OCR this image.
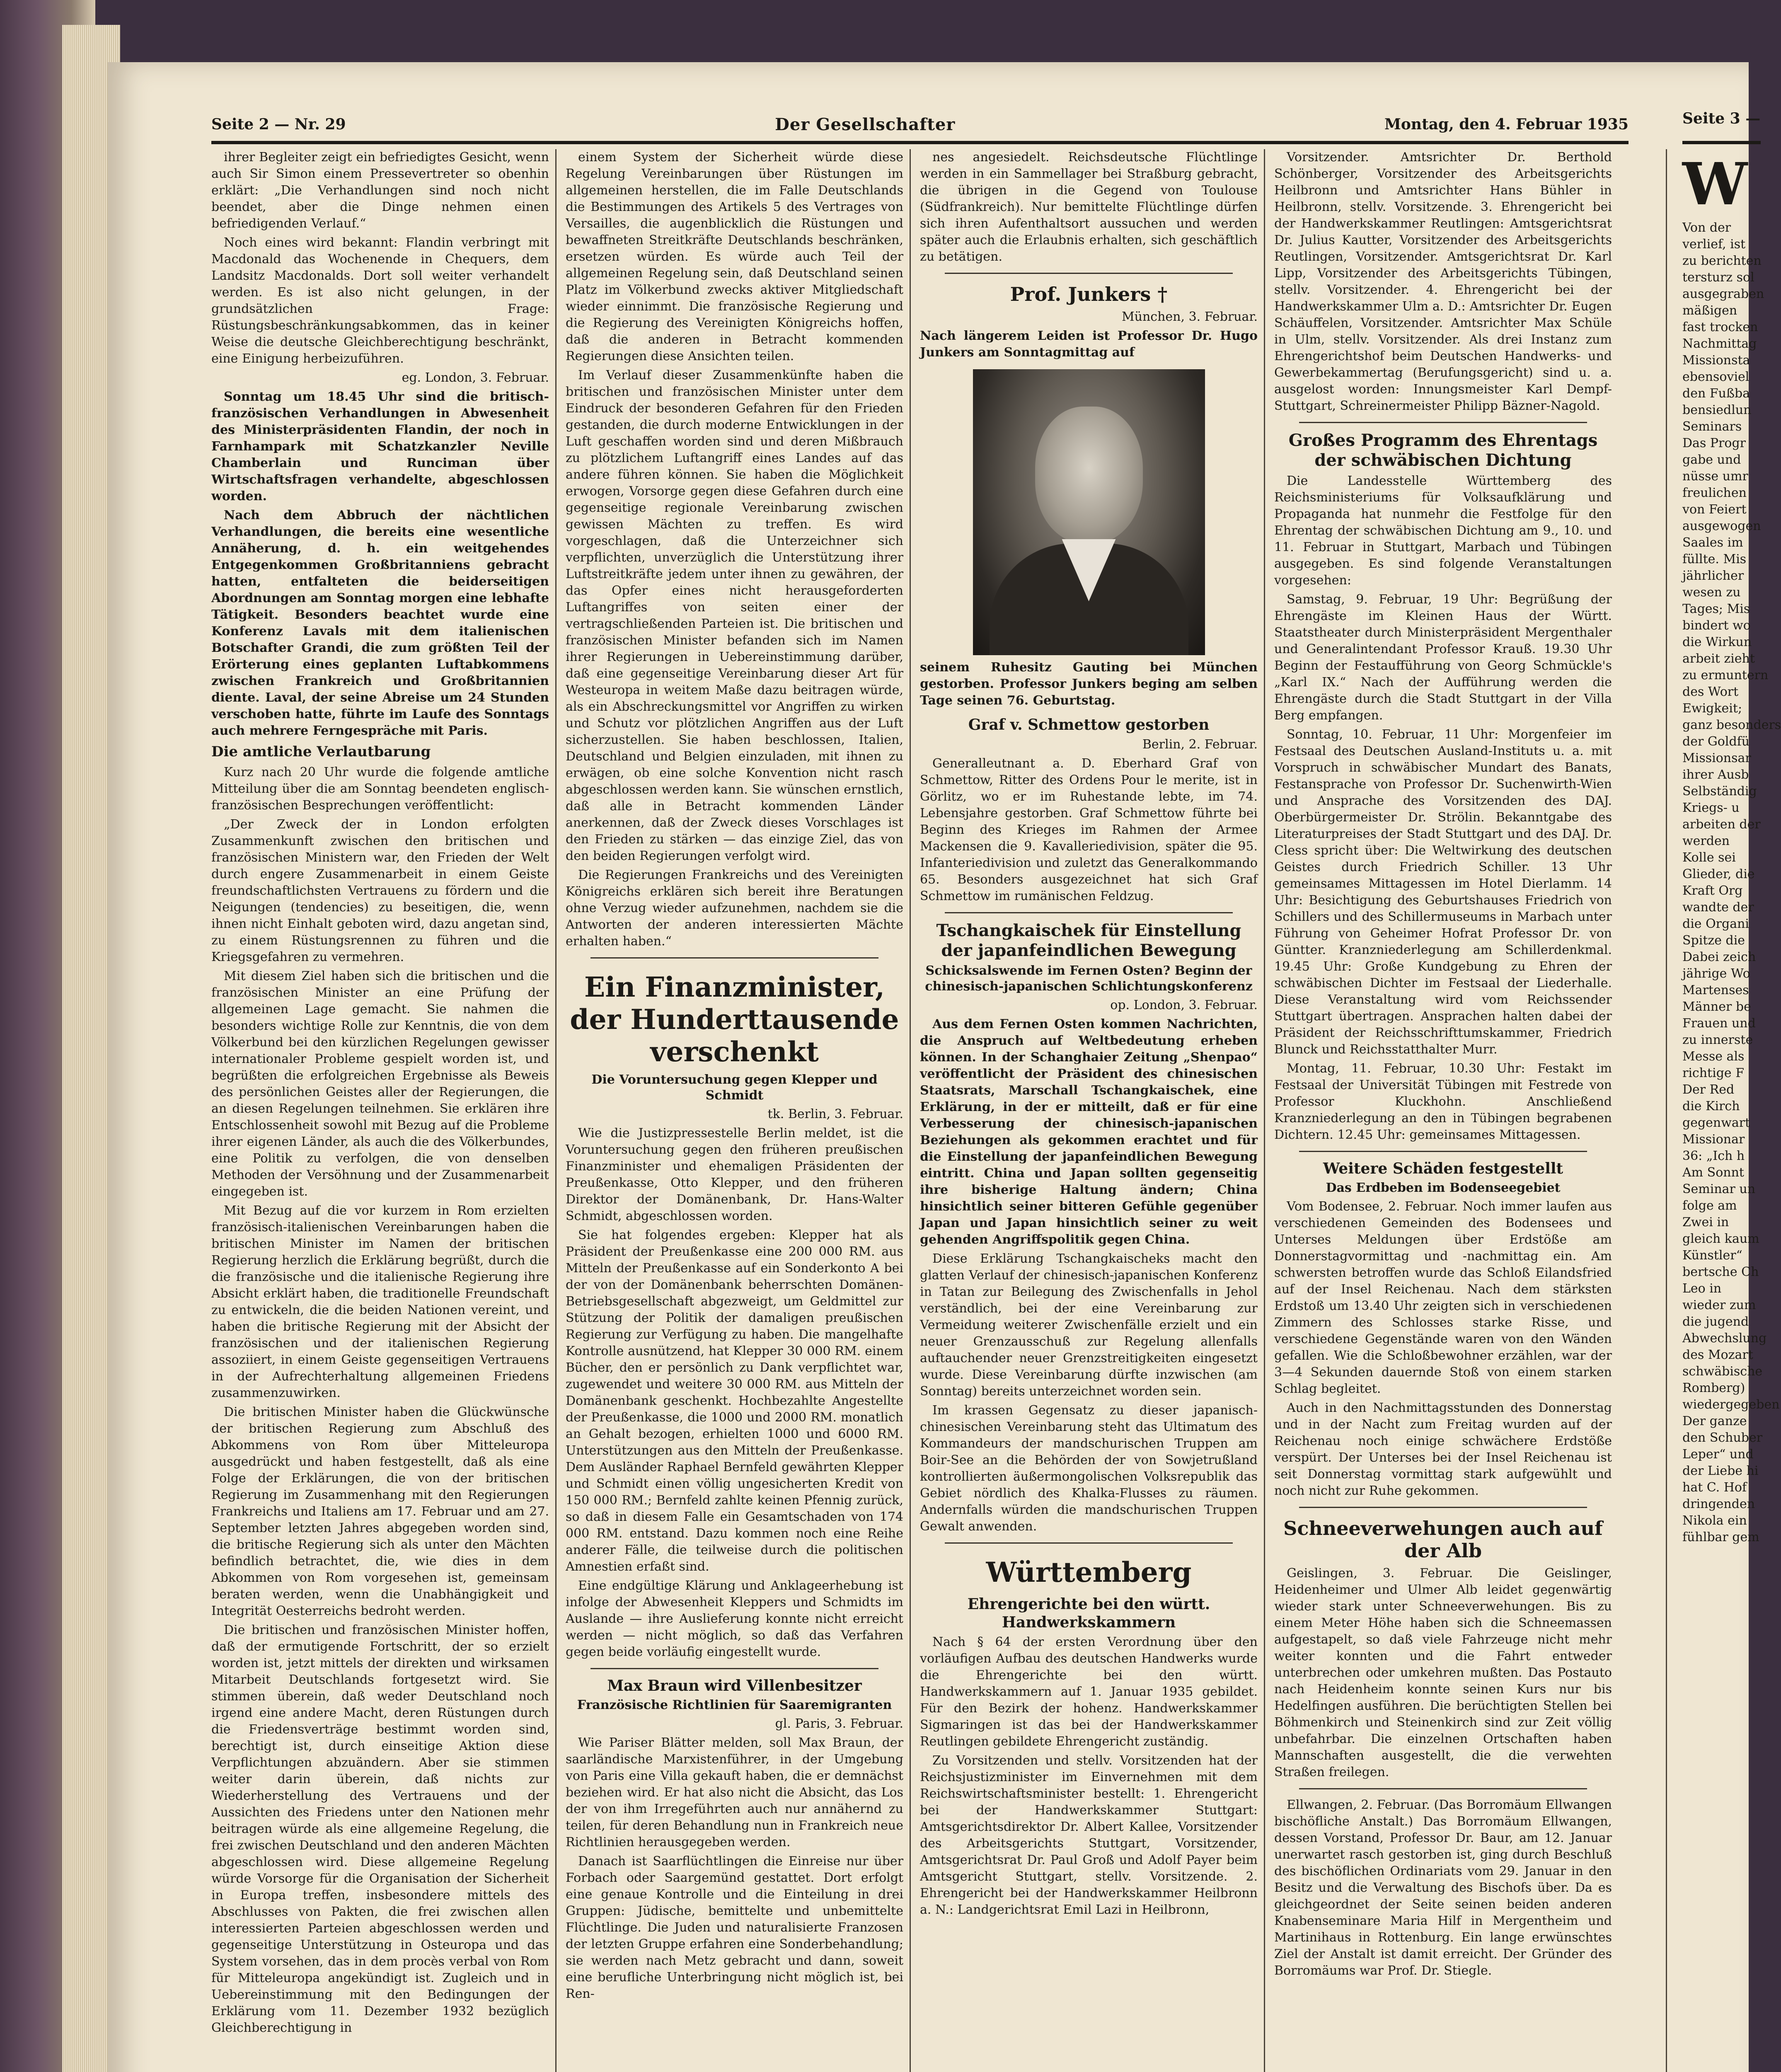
Seite 2 — Nr. 29	Der Gesellschafter	Montag, den 4. Februar 1935	Seite 3 —

ihrer Begleiter zeigt ein befriedigtes Gesicht, wenn auch Sir Simon einem Pressevertreter so obenhin erklärt: „Die Verhandlungen sind noch nicht beendet, aber die Dinge nehmen einen befriedigenden Verlauf.“

Noch eines wird bekannt: Flandin verbringt mit Macdonald das Wochenende in Chequers, dem Landsitz Macdonalds. Dort soll weiter verhandelt werden. Es ist also nicht gelungen, in der grundsätzlichen Frage: Rüstungsbeschränkungsabkommen, das in keiner Weise die deutsche Gleichberechtigung beschränkt, eine Einigung herbeizuführen.

eg. London, 3. Februar.

Sonntag um 18.45 Uhr sind die britisch-französischen Verhandlungen in Abwesenheit des Ministerpräsidenten Flandin, der noch in Farnhampark mit Schatzkanzler Neville Chamberlain und Runciman über Wirtschaftsfragen verhandelte, abgeschlossen worden.

Nach dem Abbruch der nächtlichen Verhandlungen, die bereits eine wesentliche Annäherung, d. h. ein weitgehendes Entgegenkommen Großbritanniens gebracht hatten, entfalteten die beiderseitigen Abordnungen am Sonntag morgen eine lebhafte Tätigkeit. Besonders beachtet wurde eine Konferenz Lavals mit dem italienischen Botschafter Grandi, die zum größten Teil der Erörterung eines geplanten Luftabkommens zwischen Frankreich und Großbritannien diente. Laval, der seine Abreise um 24 Stunden verschoben hatte, führte im Laufe des Sonntags auch mehrere Ferngespräche mit Paris.

Die amtliche Verlautbarung

Kurz nach 20 Uhr wurde die folgende amtliche Mitteilung über die am Sonntag beendeten englisch-französischen Besprechungen veröffentlicht:

„Der Zweck der in London erfolgten Zusammenkunft zwischen den britischen und französischen Ministern war, den Frieden der Welt durch engere Zusammenarbeit in einem Geiste freundschaftlichsten Vertrauens zu fördern und die Neigungen (tendencies) zu beseitigen, die, wenn ihnen nicht Einhalt geboten wird, dazu angetan sind, zu einem Rüstungsrennen zu führen und die Kriegsgefahren zu vermehren.

Mit diesem Ziel haben sich die britischen und die französischen Minister an eine Prüfung der allgemeinen Lage gemacht. Sie nahmen die besonders wichtige Rolle zur Kenntnis, die von dem Völkerbund bei den kürzlichen Regelungen gewisser internationaler Probleme gespielt worden ist, und begrüßten die erfolgreichen Ergebnisse als Beweis des persönlichen Geistes aller der Regierungen, die an diesen Regelungen teilnehmen. Sie erklären ihre Entschlossenheit sowohl mit Bezug auf die Probleme ihrer eigenen Länder, als auch die des Völkerbundes, eine Politik zu verfolgen, die von denselben Methoden der Versöhnung und der Zusammenarbeit eingegeben ist.

Mit Bezug auf die vor kurzem in Rom erzielten französisch-italienischen Vereinbarungen haben die britischen Minister im Namen der britischen Regierung herzlich die Erklärung begrüßt, durch die die französische und die italienische Regierung ihre Absicht erklärt haben, die traditionelle Freundschaft zu entwickeln, die die beiden Nationen vereint, und haben die britische Regierung mit der Absicht der französischen und der italienischen Regierung assoziiert, in einem Geiste gegenseitigen Vertrauens in der Aufrechterhaltung allgemeinen Friedens zusammenzuwirken.

Die britischen Minister haben die Glückwünsche der britischen Regierung zum Abschluß des Abkommens von Rom über Mitteleuropa ausgedrückt und haben festgestellt, daß als eine Folge der Erklärungen, die von der britischen Regierung im Zusammenhang mit den Regierungen Frankreichs und Italiens am 17. Februar und am 27. September letzten Jahres abgegeben worden sind, die britische Regierung sich als unter den Mächten befindlich betrachtet, die, wie dies in dem Abkommen von Rom vorgesehen ist, gemeinsam beraten werden, wenn die Unabhängigkeit und Integrität Oesterreichs bedroht werden.

Die britischen und französischen Minister hoffen, daß der ermutigende Fortschritt, der so erzielt worden ist, jetzt mittels der direkten und wirksamen Mitarbeit Deutschlands fortgesetzt wird. Sie stimmen überein, daß weder Deutschland noch irgend eine andere Macht, deren Rüstungen durch die Friedensverträge bestimmt worden sind, berechtigt ist, durch einseitige Aktion diese Verpflichtungen abzuändern. Aber sie stimmen weiter darin überein, daß nichts zur Wiederherstellung des Vertrauens und der Aussichten des Friedens unter den Nationen mehr beitragen würde als eine allgemeine Regelung, die frei zwischen Deutschland und den anderen Mächten abgeschlossen wird. Diese allgemeine Regelung würde Vorsorge für die Organisation der Sicherheit in Europa treffen, insbesondere mittels des Abschlusses von Pakten, die frei zwischen allen interessierten Parteien abgeschlossen werden und gegenseitige Unterstützung in Osteuropa und das System vorsehen, das in dem procès verbal von Rom für Mitteleuropa angekündigt ist. Zugleich und in Uebereinstimmung mit den Bedingungen der Erklärung vom 11. Dezember 1932 bezüglich Gleichberechtigung in

einem System der Sicherheit würde diese Regelung Vereinbarungen über Rüstungen im allgemeinen herstellen, die im Falle Deutschlands die Bestimmungen des Artikels 5 des Vertrages von Versailles, die augenblicklich die Rüstungen und bewaffneten Streitkräfte Deutschlands beschränken, ersetzen würden. Es würde auch Teil der allgemeinen Regelung sein, daß Deutschland seinen Platz im Völkerbund zwecks aktiver Mitgliedschaft wieder einnimmt. Die französische Regierung und die Regierung des Vereinigten Königreichs hoffen, daß die anderen in Betracht kommenden Regierungen diese Ansichten teilen.

Im Verlauf dieser Zusammenkünfte haben die britischen und französischen Minister unter dem Eindruck der besonderen Gefahren für den Frieden gestanden, die durch moderne Entwicklungen in der Luft geschaffen worden sind und deren Mißbrauch zu plötzlichem Luftangriff eines Landes auf das andere führen können. Sie haben die Möglichkeit erwogen, Vorsorge gegen diese Gefahren durch eine gegenseitige regionale Vereinbarung zwischen gewissen Mächten zu treffen. Es wird vorgeschlagen, daß die Unterzeichner sich verpflichten, unverzüglich die Unterstützung ihrer Luftstreitkräfte jedem unter ihnen zu gewähren, der das Opfer eines nicht herausgeforderten Luftangriffes von seiten einer der vertragschließenden Parteien ist. Die britischen und französischen Minister befanden sich im Namen ihrer Regierungen in Uebereinstimmung darüber, daß eine gegenseitige Vereinbarung dieser Art für Westeuropa in weitem Maße dazu beitragen würde, als ein Abschreckungsmittel vor Angriffen zu wirken und Schutz vor plötzlichen Angriffen aus der Luft sicherzustellen. Sie haben beschlossen, Italien, Deutschland und Belgien einzuladen, mit ihnen zu erwägen, ob eine solche Konvention nicht rasch abgeschlossen werden kann. Sie wünschen ernstlich, daß alle in Betracht kommenden Länder anerkennen, daß der Zweck dieses Vorschlages ist den Frieden zu stärken — das einzige Ziel, das von den beiden Regierungen verfolgt wird.

Die Regierungen Frankreichs und des Vereinigten Königreichs erklären sich bereit ihre Beratungen ohne Verzug wieder aufzunehmen, nachdem sie die Antworten der anderen interessierten Mächte erhalten haben.“

Ein Finanzminister, der Hunderttausende verschenkt
Die Voruntersuchung gegen Klepper und Schmidt
tk. Berlin, 3. Februar.

Wie die Justizpressestelle Berlin meldet, ist die Voruntersuchung gegen den früheren preußischen Finanzminister und ehemaligen Präsidenten der Preußenkasse, Otto Klepper, und den früheren Direktor der Domänenbank, Dr. Hans-Walter Schmidt, abgeschlossen worden.

Sie hat folgendes ergeben: Klepper hat als Präsident der Preußenkasse eine 200 000 RM. aus Mitteln der Preußenkasse auf ein Sonderkonto A bei der von der Domänenbank beherrschten Domänen-Betriebsgesellschaft abgezweigt, um Geldmittel zur Stützung der Politik der damaligen preußischen Regierung zur Verfügung zu haben. Die mangelhafte Kontrolle ausnützend, hat Klepper 30 000 RM. einem Bücher, den er persönlich zu Dank verpflichtet war, zugewendet und weitere 30 000 RM. aus Mitteln der Domänenbank geschenkt. Hochbezahlte Angestellte der Preußenkasse, die 1000 und 2000 RM. monatlich an Gehalt bezogen, erhielten 1000 und 6000 RM. Unterstützungen aus den Mitteln der Preußenkasse. Dem Ausländer Raphael Bernfeld gewährten Klepper und Schmidt einen völlig ungesicherten Kredit von 150 000 RM.; Bernfeld zahlte keinen Pfennig zurück, so daß in diesem Falle ein Gesamtschaden von 174 000 RM. entstand. Dazu kommen noch eine Reihe anderer Fälle, die teilweise durch die politischen Amnestien erfaßt sind.

Eine endgültige Klärung und Anklageerhebung ist infolge der Abwesenheit Kleppers und Schmidts im Auslande — ihre Auslieferung konnte nicht erreicht werden — nicht möglich, so daß das Verfahren gegen beide vorläufig eingestellt wurde.

Max Braun wird Villenbesitzer
Französische Richtlinien für Saaremigranten
gl. Paris, 3. Februar.

Wie Pariser Blätter melden, soll Max Braun, der saarländische Marxistenführer, in der Umgebung von Paris eine Villa gekauft haben, die er demnächst beziehen wird. Er hat also nicht die Absicht, das Los der von ihm Irregeführten auch nur annähernd zu teilen, für deren Behandlung nun in Frankreich neue Richtlinien herausgegeben werden.

Danach ist Saarflüchtlingen die Einreise nur über Forbach oder Saargemünd gestattet. Dort erfolgt eine genaue Kontrolle und die Einteilung in drei Gruppen: Jüdische, bemittelte und unbemittelte Flüchtlinge. Die Juden und naturalisierte Franzosen der letzten Gruppe erfahren eine Sonderbehandlung; sie werden nach Metz gebracht und dann, soweit eine berufliche Unterbringung nicht möglich ist, bei Ren-

nes angesiedelt. Reichsdeutsche Flüchtlinge werden in ein Sammellager bei Straßburg gebracht, die übrigen in die Gegend von Toulouse (Südfrankreich). Nur bemittelte Flüchtlinge dürfen sich ihren Aufenthaltsort aussuchen und werden später auch die Erlaubnis erhalten, sich geschäftlich zu betätigen.

Prof. Junkers †
München, 3. Februar.
Nach längerem Leiden ist Professor Dr. Hugo Junkers am Sonntagmittag auf
seinem Ruhesitz Gauting bei München gestorben. Professor Junkers beging am selben Tage seinen 76. Geburtstag.
Graf v. Schmettow gestorben
Berlin, 2. Februar.

Generalleutnant a. D. Eberhard Graf von Schmettow, Ritter des Ordens Pour le merite, ist in Görlitz, wo er im Ruhestande lebte, im 74. Lebensjahre gestorben. Graf Schmettow führte bei Beginn des Krieges im Rahmen der Armee Mackensen die 9. Kavalleriedivision, später die 95. Infanteriedivision und zuletzt das Generalkommando 65. Besonders ausgezeichnet hat sich Graf Schmettow im rumänischen Feldzug.

Tschangkaischek für Einstellung der japanfeindlichen Bewegung
Schicksalswende im Fernen Osten? Beginn der chinesisch-japanischen Schlichtungskonferenz
op. London, 3. Februar.

Aus dem Fernen Osten kommen Nachrichten, die Anspruch auf Weltbedeutung erheben können. In der Schanghaier Zeitung „Shenpao“ veröffentlicht der Präsident des chinesischen Staatsrats, Marschall Tschangkaischek, eine Erklärung, in der er mitteilt, daß er für eine Verbesserung der chinesisch-japanischen Beziehungen als gekommen erachtet und für die Einstellung der japanfeindlichen Bewegung eintritt. China und Japan sollten gegenseitig ihre bisherige Haltung ändern; China hinsichtlich seiner bitteren Gefühle gegenüber Japan und Japan hinsichtlich seiner zu weit gehenden Angriffspolitik gegen China.

Diese Erklärung Tschangkaischeks macht den glatten Verlauf der chinesisch-japanischen Konferenz in Tatan zur Beilegung des Zwischenfalls in Jehol verständlich, bei der eine Vereinbarung zur Vermeidung weiterer Zwischenfälle erzielt und ein neuer Grenzausschuß zur Regelung allenfalls auftauchender neuer Grenzstreitigkeiten eingesetzt wurde. Diese Vereinbarung dürfte inzwischen (am Sonntag) bereits unterzeichnet worden sein.

Im krassen Gegensatz zu dieser japanisch-chinesischen Vereinbarung steht das Ultimatum des Kommandeurs der mandschurischen Truppen am Boir-See an die Behörden der von Sowjetrußland kontrollierten äußermongolischen Volksrepublik das Gebiet nördlich des Khalka-Flusses zu räumen. Andernfalls würden die mandschurischen Truppen Gewalt anwenden.

Württemberg
Ehrengerichte bei den württ. Handwerkskammern

Nach § 64 der ersten Verordnung über den vorläufigen Aufbau des deutschen Handwerks wurde die Ehrengerichte bei den württ. Handwerkskammern auf 1. Januar 1935 gebildet. Für den Bezirk der hohenz. Handwerkskammer Sigmaringen ist das bei der Handwerkskammer Reutlingen gebildete Ehrengericht zuständig.

Zu Vorsitzenden und stellv. Vorsitzenden hat der Reichsjustizminister im Einvernehmen mit dem Reichswirtschaftsminister bestellt: 1. Ehrengericht bei der Handwerkskammer Stuttgart: Amtsgerichtsdirektor Dr. Albert Kallee, Vorsitzender des Arbeitsgerichts Stuttgart, Vorsitzender, Amtsgerichtsrat Dr. Paul Groß und Adolf Payer beim Amtsgericht Stuttgart, stellv. Vorsitzende. 2. Ehrengericht bei der Handwerkskammer Heilbronn a. N.: Landgerichtsrat Emil Lazi in Heilbronn,

Vorsitzender. Amtsrichter Dr. Berthold Schönberger, Vorsitzender des Arbeitsgerichts Heilbronn und Amtsrichter Hans Bühler in Heilbronn, stellv. Vorsitzende. 3. Ehrengericht bei der Handwerkskammer Reutlingen: Amtsgerichtsrat Dr. Julius Kautter, Vorsitzender des Arbeitsgerichts Reutlingen, Vorsitzender. Amtsgerichtsrat Dr. Karl Lipp, Vorsitzender des Arbeitsgerichts Tübingen, stellv. Vorsitzender. 4. Ehrengericht bei der Handwerkskammer Ulm a. D.: Amtsrichter Dr. Eugen Schäuffelen, Vorsitzender. Amtsrichter Max Schüle in Ulm, stellv. Vorsitzender. Als drei Instanz zum Ehrengerichtshof beim Deutschen Handwerks- und Gewerbekammertag (Berufungsgericht) sind u. a. ausgelost worden: Innungsmeister Karl Dempf-Stuttgart, Schreinermeister Philipp Bäzner-Nagold.

Großes Programm des Ehrentags der schwäbischen Dichtung

Die Landesstelle Württemberg des Reichsministeriums für Volksaufklärung und Propaganda hat nunmehr die Festfolge für den Ehrentag der schwäbischen Dichtung am 9., 10. und 11. Februar in Stuttgart, Marbach und Tübingen ausgegeben. Es sind folgende Veranstaltungen vorgesehen:

Samstag, 9. Februar, 19 Uhr: Begrüßung der Ehrengäste im Kleinen Haus der Württ. Staatstheater durch Ministerpräsident Mergenthaler und Generalintendant Professor Krauß. 19.30 Uhr Beginn der Festaufführung von Georg Schmückle's „Karl IX.“ Nach der Aufführung werden die Ehrengäste durch die Stadt Stuttgart in der Villa Berg empfangen.

Sonntag, 10. Februar, 11 Uhr: Morgenfeier im Festsaal des Deutschen Ausland-Instituts u. a. mit Vorspruch in schwäbischer Mundart des Banats, Festansprache von Professor Dr. Suchenwirth-Wien und Ansprache des Vorsitzenden des DAJ. Oberbürgermeister Dr. Strölin. Bekanntgabe des Literaturpreises der Stadt Stuttgart und des DAJ. Dr. Cless spricht über: Die Weltwirkung des deutschen Geistes durch Friedrich Schiller. 13 Uhr gemeinsames Mittagessen im Hotel Dierlamm. 14 Uhr: Besichtigung des Geburtshauses Friedrich von Schillers und des Schillermuseums in Marbach unter Führung von Geheimer Hofrat Professor Dr. von Güntter. Kranzniederlegung am Schillerdenkmal. 19.45 Uhr: Große Kundgebung zu Ehren der schwäbischen Dichter im Festsaal der Liederhalle. Diese Veranstaltung wird vom Reichssender Stuttgart übertragen. Ansprachen halten dabei der Präsident der Reichsschrifttumskammer, Friedrich Blunck und Reichsstatthalter Murr.

Montag, 11. Februar, 10.30 Uhr: Festakt im Festsaal der Universität Tübingen mit Festrede von Professor Kluckhohn. Anschließend Kranzniederlegung an den in Tübingen begrabenen Dichtern. 12.45 Uhr: gemeinsames Mittagessen.

Weitere Schäden festgestellt
Das Erdbeben im Bodenseegebiet

Vom Bodensee, 2. Februar. Noch immer laufen aus verschiedenen Gemeinden des Bodensees und Unterses Meldungen über Erdstöße am Donnerstagvormittag und -nachmittag ein. Am schwersten betroffen wurde das Schloß Eilandsfried auf der Insel Reichenau. Nach dem stärksten Erdstoß um 13.40 Uhr zeigten sich in verschiedenen Zimmern des Schlosses starke Risse, und verschiedene Gegenstände waren von den Wänden gefallen. Wie die Schloßbewohner erzählen, war der 3—4 Sekunden dauernde Stoß von einem starken Schlag begleitet.

Auch in den Nachmittagsstunden des Donnerstag und in der Nacht zum Freitag wurden auf der Reichenau noch einige schwächere Erdstöße verspürt. Der Unterses bei der Insel Reichenau ist seit Donnerstag vormittag stark aufgewühlt und noch nicht zur Ruhe gekommen.

Schneeverwehungen auch auf der Alb

Geislingen, 3. Februar. Die Geislinger, Heidenheimer und Ulmer Alb leidet gegenwärtig wieder stark unter Schneeverwehungen. Bis zu einem Meter Höhe haben sich die Schneemassen aufgestapelt, so daß viele Fahrzeuge nicht mehr weiter konnten und die Fahrt entweder unterbrechen oder umkehren mußten. Das Postauto nach Heidenheim konnte seinen Kurs nur bis Hedelfingen ausführen. Die berüchtigten Stellen bei Böhmenkirch und Steinenkirch sind zur Zeit völlig unbefahrbar. Die einzelnen Ortschaften haben Mannschaften ausgestellt, die die verwehten Straßen freilegen.

Ellwangen, 2. Februar. (Das Borromäum Ellwangen bischöfliche Anstalt.) Das Borromäum Ellwangen, dessen Vorstand, Professor Dr. Baur, am 12. Januar unerwartet rasch gestorben ist, ging durch Beschluß des bischöflichen Ordinariats vom 29. Januar in den Besitz und die Verwaltung des Bischofs über. Da es gleichgeordnet der Seite seinen beiden anderen Knabenseminare Maria Hilf in Mergentheim und Martinihaus in Rottenburg. Ein lange erwünschtes Ziel der Anstalt ist damit erreicht. Der Gründer des Borromäums war Prof. Dr. Stiegle.

W
Von der
verlief, ist
zu berichten
tersturz sol
ausgegraben
mäßigen
fast trocken
Nachmittag
Missionsta
ebensoviel
den Fußba
bensiedlun
Seminars
Das Progr
gabe und
nüsse umr
freulichen
von Feiert
ausgewogen
Saales im
füllte. Mis
jährlicher
wesen zu
Tages; Mis
bindert wo
die Wirkun
arbeit zieht
zu ermuntern
des Wort
Ewigkeit;
ganz besonders
der Goldfü
Missionsar
ihrer Ausb
Selbständig
Kriegs- u
arbeiten der
werden
Kolle sei
Glieder, die
Kraft Org
wandte der
die Organi
Spitze die
Dabei zeich
jährige Wo
Martenses
Männer be
Frauen und
zu innerste
Messe als
richtige F
Der Red
die Kirch
gegenwart
Missionar
36: „Ich h
Am Sonnt
Seminar un
folge am
Zwei in
gleich kaum
Künstler“
bertsche Ch
Leo in
wieder zum
die jugend
Abwechslung
des Mozart
schwäbische
Romberg)
wiedergegeben
Der ganze
den Schuber
Leper“ und
der Liebe hi
hat C. Hof
dringenden
Nikola ein
fühlbar gem
